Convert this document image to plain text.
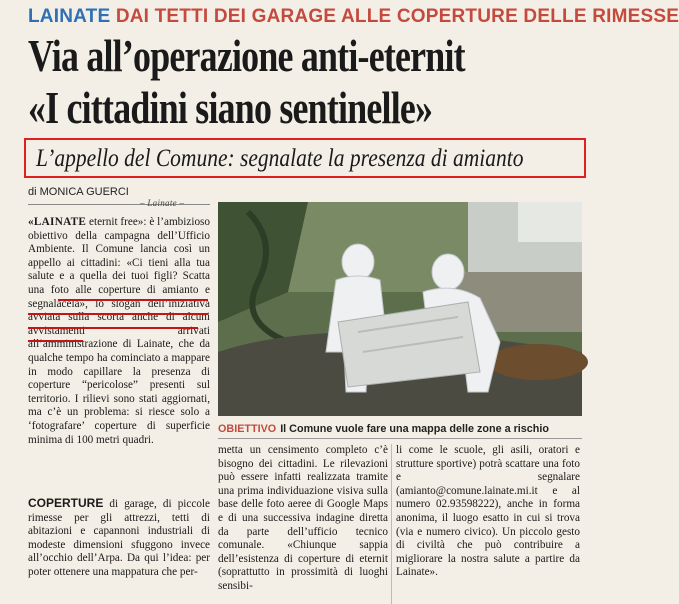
LAINATE DAI TETTI DEI GARAGE ALLE COPERTURE DELLE RIMESSE
Via all’operazione anti-eternit
«I cittadini siano sentinelle»
L’appello del Comune: segnalate la presenza di amianto
di MONICA GUERCI
– Lainate –

«LAINATE eternit free»: è l’ambizioso obiettivo della campagna dell’Ufficio Ambiente. Il Comune lancia così un appello ai cittadini: «Ci tieni alla tua salute e a quella dei tuoi figli? Scatta una foto alle coperture di amianto e segnalacela», lo slogan dell’iniziativa avviata sulla scorta anche di alcuni avvistamenti arrivati all’amministrazione di Lainate, che da qualche tempo ha cominciato a mappare in modo capillare la presenza di coperture “pericolose” presenti sul territorio. I rilievi sono stati aggiornati, ma c’è un problema: si riesce solo a ‘fotografare’ coperture di superficie minima di 100 metri quadri.

COPERTURE di garage, di piccole rimesse per gli attrezzi, tetti di abitazioni e capannoni industriali di modeste dimensioni sfuggono invece all’occhio dell’Arpa. Da qui l’idea: per poter ottenere una mappatura che per-

OBIETTIVO Il Comune vuole fare una mappa delle zone a rischio

metta un censimento completo c’è bisogno dei cittadini. Le rilevazioni può essere infatti realizzata tramite una prima individuazione visiva sulla base delle foto aeree di Google Maps e di una successiva indagine diretta da parte dell’ufficio tecnico comunale. «Chiunque sappia dell’esistenza di coperture di eternit (soprattutto in prossimità di luoghi sensibi-

li come le scuole, gli asili, oratori e strutture sportive) potrà scattare una foto e segnalare (amianto@comune.lainate.mi.it e al numero 02.93598222), anche in forma anonima, il luogo esatto in cui si trova (via e numero civico). Un piccolo gesto di civiltà che può contribuire a migliorare la nostra salute a partire da Lainate».
